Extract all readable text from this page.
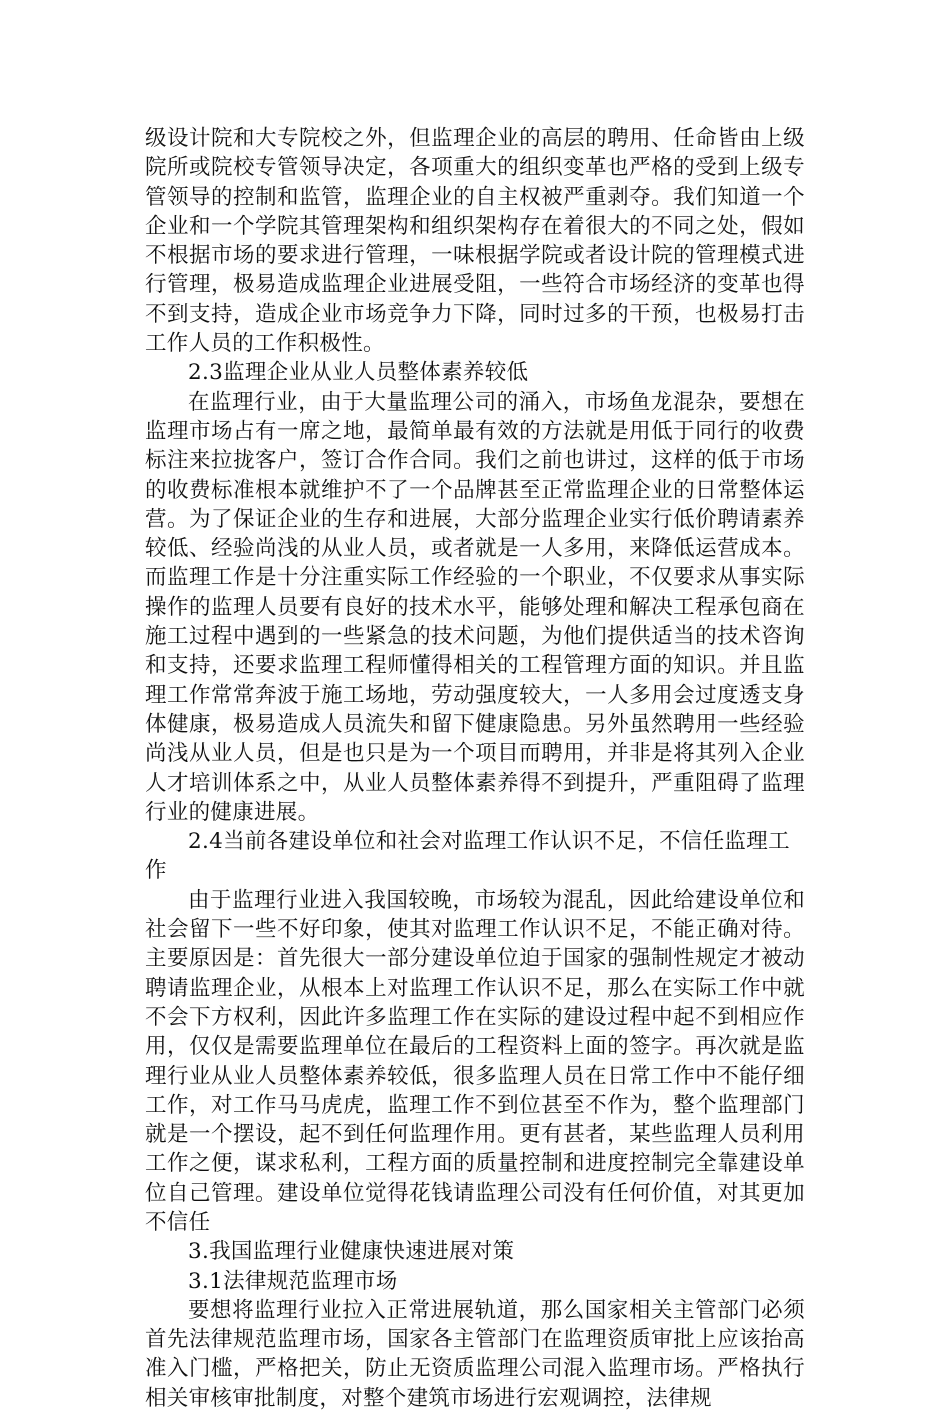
级设计院和大专院校之外，但监理企业的高层的聘用、任命皆由上级院所或院校专管领导决定，各项重大的组织变革也严格的受到上级专管领导的控制和监管，监理企业的自主权被严重剥夺。我们知道一个企业和一个学院其管理架构和组织架构存在着很大的不同之处，假如不根据市场的要求进行管理，一味根据学院或者设计院的管理模式进行管理，极易造成监理企业进展受阻，一些符合市场经济的变革也得不到支持，造成企业市场竞争力下降，同时过多的干预，也极易打击工作人员的工作积极性。

2.3监理企业从业人员整体素养较低

在监理行业，由于大量监理公司的涌入，市场鱼龙混杂，要想在监理市场占有一席之地，最简单最有效的方法就是用低于同行的收费标注来拉拢客户，签订合作合同。我们之前也讲过，这样的低于市场的收费标准根本就维护不了一个品牌甚至正常监理企业的日常整体运营。为了保证企业的生存和进展，大部分监理企业实行低价聘请素养较低、经验尚浅的从业人员，或者就是一人多用，来降低运营成本。而监理工作是十分注重实际工作经验的一个职业，不仅要求从事实际操作的监理人员要有良好的技术水平，能够处理和解决工程承包商在施工过程中遇到的一些紧急的技术问题，为他们提供适当的技术咨询和支持，还要求监理工程师懂得相关的工程管理方面的知识。并且监理工作常常奔波于施工场地，劳动强度较大，一人多用会过度透支身体健康，极易造成人员流失和留下健康隐患。另外虽然聘用一些经验尚浅从业人员，但是也只是为一个项目而聘用，并非是将其列入企业人才培训体系之中，从业人员整体素养得不到提升，严重阻碍了监理行业的健康进展。

2.4当前各建设单位和社会对监理工作认识不足，不信任监理工作

由于监理行业进入我国较晚，市场较为混乱，因此给建设单位和社会留下一些不好印象，使其对监理工作认识不足，不能正确对待。主要原因是：首先很大一部分建设单位迫于国家的强制性规定才被动聘请监理企业，从根本上对监理工作认识不足，那么在实际工作中就不会下方权利，因此许多监理工作在实际的建设过程中起不到相应作用，仅仅是需要监理单位在最后的工程资料上面的签字。再次就是监理行业从业人员整体素养较低，很多监理人员在日常工作中不能仔细工作，对工作马马虎虎，监理工作不到位甚至不作为，整个监理部门就是一个摆设，起不到任何监理作用。更有甚者，某些监理人员利用工作之便，谋求私利，工程方面的质量控制和进度控制完全靠建设单位自己管理。建设单位觉得花钱请监理公司没有任何价值，对其更加不信任

3.我国监理行业健康快速进展对策

3.1法律规范监理市场

要想将监理行业拉入正常进展轨道，那么国家相关主管部门必须首先法律规范监理市场，国家各主管部门在监理资质审批上应该抬高准入门槛，严格把关，防止无资质监理公司混入监理市场。严格执行相关审核审批制度，对整个建筑市场进行宏观调控，法律规
